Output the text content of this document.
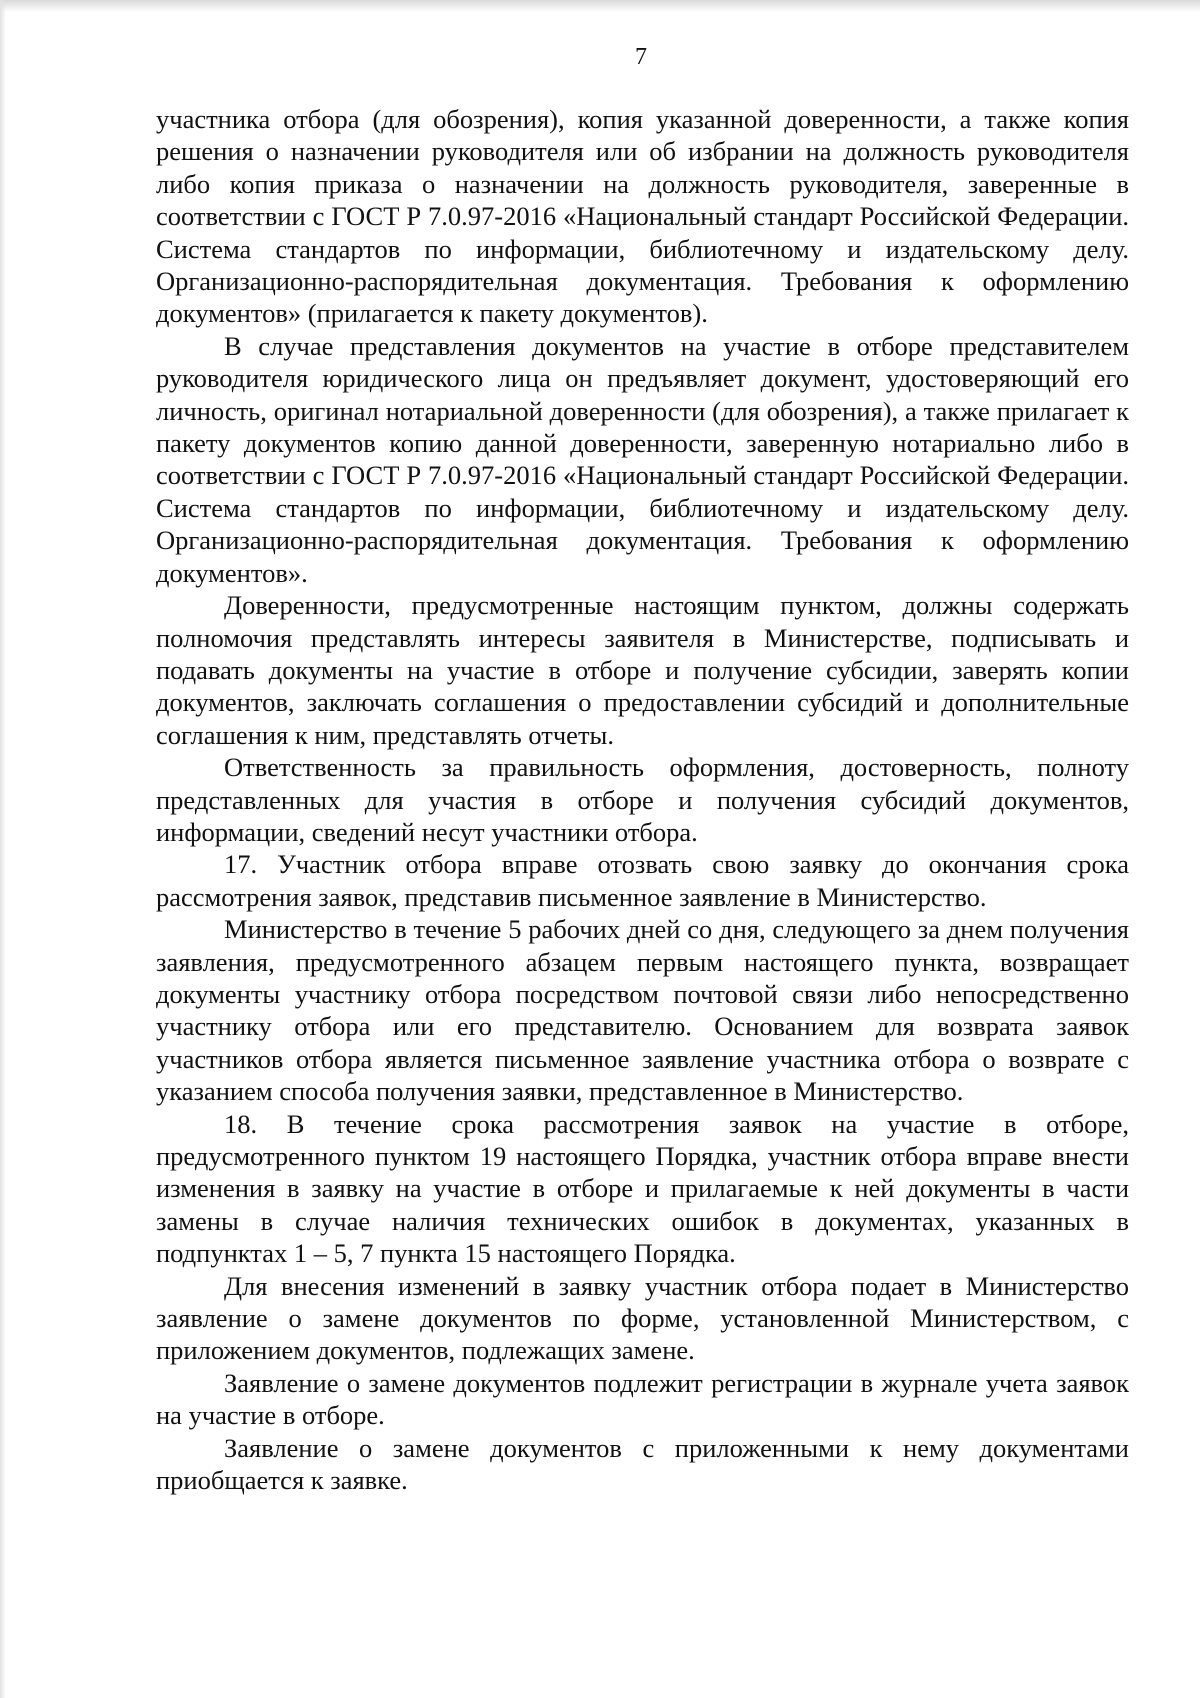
7

участника отбора (для обозрения), копия указанной доверенности, а также копия решения о назначении руководителя или об избрании на должность руководителя либо копия приказа о назначении на должность руководителя, заверенные в соответствии с ГОСТ Р 7.0.97-2016 «Национальный стандарт Российской Федерации. Система стандартов по информации, библиотечному и издательскому делу. Организационно-распорядительная документация. Требования к оформлению документов» (прилагается к пакету документов).

В случае представления документов на участие в отборе представителем руководителя юридического лица он предъявляет документ, удостоверяющий его личность, оригинал нотариальной доверенности (для обозрения), а также прилагает к пакету документов копию данной доверенности, заверенную нотариально либо в соответствии с ГОСТ Р 7.0.97-2016 «Национальный стандарт Российской Федерации. Система стандартов по информации, библиотечному и издательскому делу. Организационно-распорядительная документация. Требования к оформлению документов».

Доверенности, предусмотренные настоящим пунктом, должны содержать полномочия представлять интересы заявителя в Министерстве, подписывать и подавать документы на участие в отборе и получение субсидии, заверять копии документов, заключать соглашения о предоставлении субсидий и дополнительные соглашения к ним, представлять отчеты.

Ответственность за правильность оформления, достоверность, полноту представленных для участия в отборе и получения субсидий документов, информации, сведений несут участники отбора.

17. Участник отбора вправе отозвать свою заявку до окончания срока рассмотрения заявок, представив письменное заявление в Министерство.

Министерство в течение 5 рабочих дней со дня, следующего за днем получения заявления, предусмотренного абзацем первым настоящего пункта, возвращает документы участнику отбора посредством почтовой связи либо непосредственно участнику отбора или его представителю. Основанием для возврата заявок участников отбора является письменное заявление участника отбора о возврате с указанием способа получения заявки, представленное в Министерство.

18. В течение срока рассмотрения заявок на участие в отборе, предусмотренного пунктом 19 настоящего Порядка, участник отбора вправе внести изменения в заявку на участие в отборе и прилагаемые к ней документы в части замены в случае наличия технических ошибок в документах, указанных в подпунктах 1 – 5, 7 пункта 15 настоящего Порядка.

Для внесения изменений в заявку участник отбора подает в Министерство заявление о замене документов по форме, установленной Министерством, с приложением документов, подлежащих замене.

Заявление о замене документов подлежит регистрации в журнале учета заявок на участие в отборе.

Заявление о замене документов с приложенными к нему документами приобщается к заявке.
